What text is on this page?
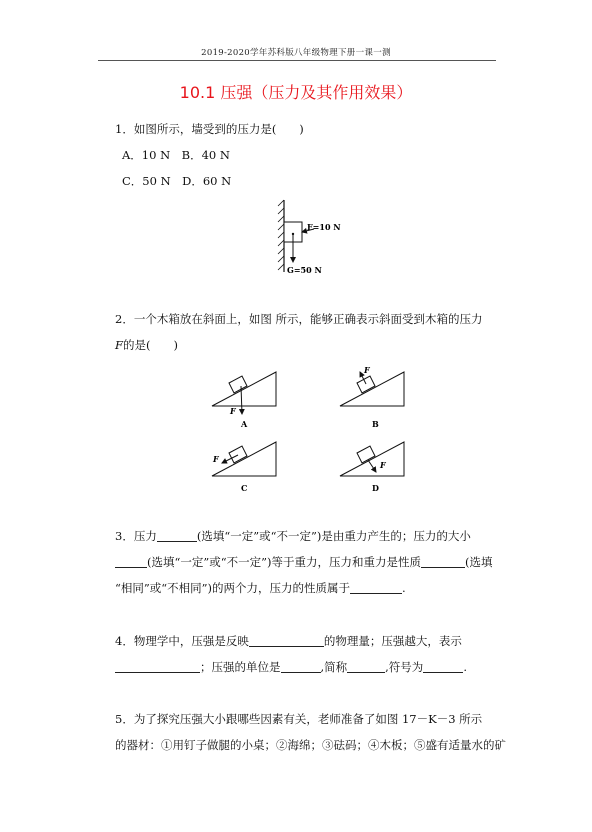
2019-2020学年苏科版八年级物理下册一课一测
10.1 压强（压力及其作用效果）
1．如图所示，墙受到的压力是(　　)
A．10 N　B．40 N
C．50 N　D．60 N
F=10 N
G=50 N
2．一个木箱放在斜面上，如图 所示，能够正确表示斜面受到木箱的压力
F的是(　　)
F
A
F
B
F
C
F
D
3．压力	(选填“一定”或“不一定”)是由重力产生的；压力的大小
(选填“一定”或“不一定”)等于重力，压力和重力是性质	(选填
“相同”或“不相同”)的两个力，压力的性质属于	.
4．物理学中，压强是反映	的物理量；压强越大，表示
；压强的单位是	,简称	,符号为	.
5．为了探究压强大小跟哪些因素有关，老师准备了如图 17－K－3 所示
的器材：①用钉子做腿的小桌；②海绵；③砝码；④木板；⑤盛有适量水的矿
